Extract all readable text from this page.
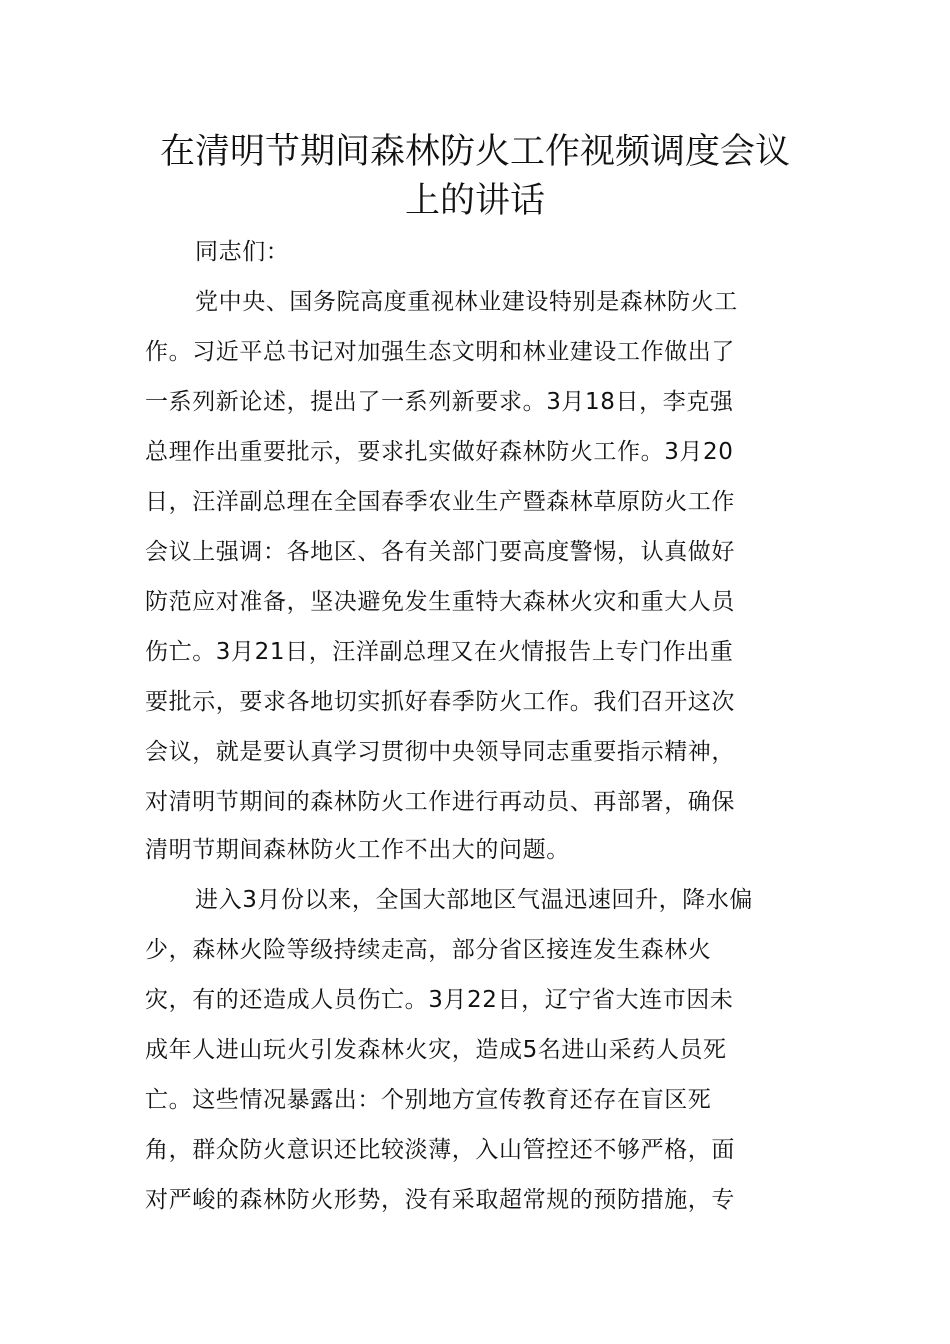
在清明节期间森林防火工作视频调度会议
上的讲话
同志们：
党中央、国务院高度重视林业建设特别是森林防火工
作。习近平总书记对加强生态文明和林业建设工作做出了
一系列新论述，提出了一系列新要求。3月18日，李克强
总理作出重要批示，要求扎实做好森林防火工作。3月20
日，汪洋副总理在全国春季农业生产暨森林草原防火工作
会议上强调：各地区、各有关部门要高度警惕，认真做好
防范应对准备，坚决避免发生重特大森林火灾和重大人员
伤亡。3月21日，汪洋副总理又在火情报告上专门作出重
要批示，要求各地切实抓好春季防火工作。我们召开这次
会议，就是要认真学习贯彻中央领导同志重要指示精神，
对清明节期间的森林防火工作进行再动员、再部署，确保
清明节期间森林防火工作不出大的问题。
进入3月份以来，全国大部地区气温迅速回升，降水偏
少，森林火险等级持续走高，部分省区接连发生森林火
灾，有的还造成人员伤亡。3月22日，辽宁省大连市因未
成年人进山玩火引发森林火灾，造成5名进山采药人员死
亡。这些情况暴露出：个别地方宣传教育还存在盲区死
角，群众防火意识还比较淡薄，入山管控还不够严格，面
对严峻的森林防火形势，没有采取超常规的预防措施，专
